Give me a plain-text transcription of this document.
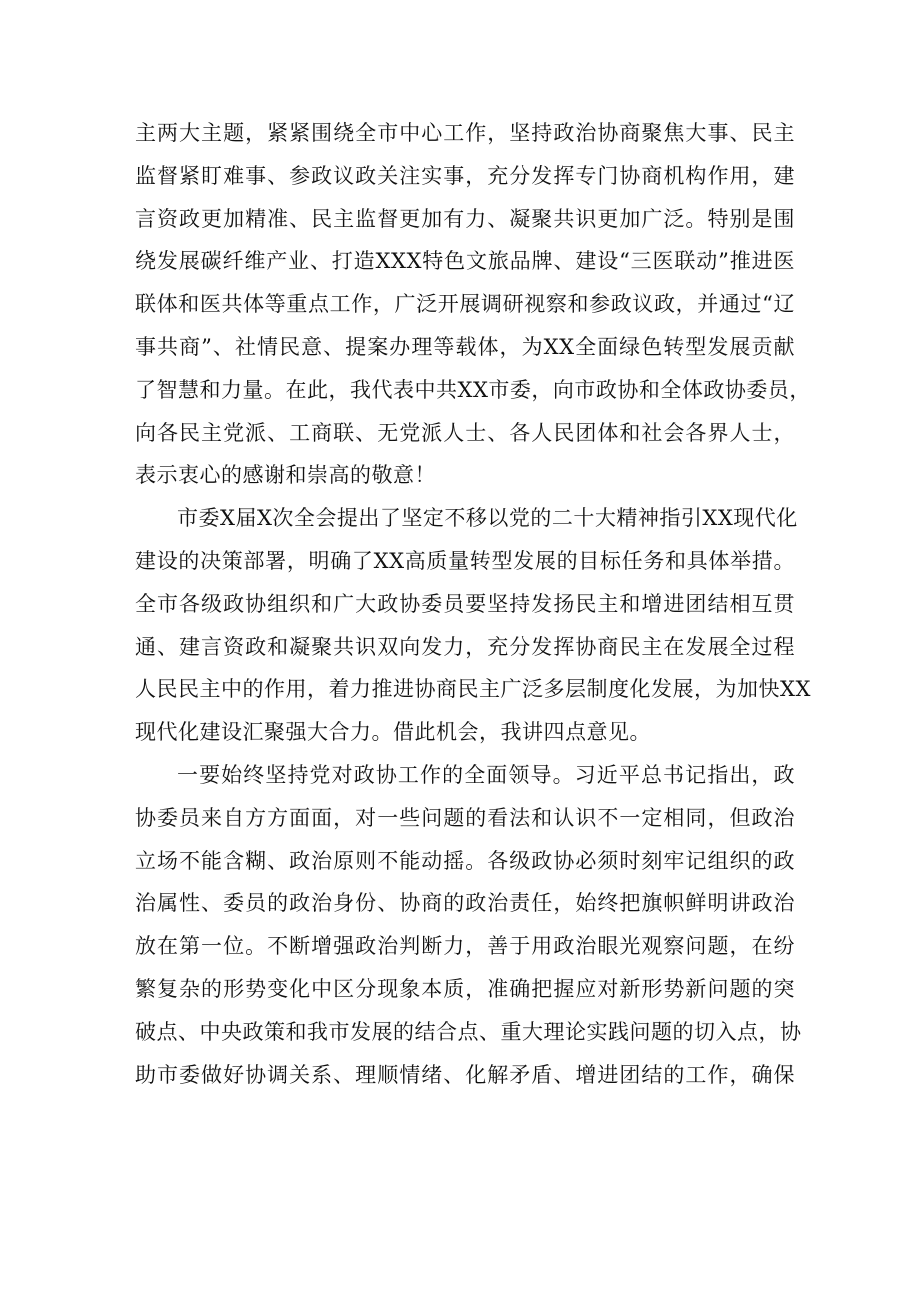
主两大主题，紧紧围绕全市中心工作，坚持政治协商聚焦大事、民主
监督紧盯难事、参政议政关注实事，充分发挥专门协商机构作用，建
言资政更加精准、民主监督更加有力、凝聚共识更加广泛。特别是围
绕发展碳纤维产业、打造XXX特色文旅品牌、建设“三医联动”推进医
联体和医共体等重点工作，广泛开展调研视察和参政议政，并通过“辽
事共商”、社情民意、提案办理等载体，为XX全面绿色转型发展贡献
了智慧和力量。在此，我代表中共XX市委，向市政协和全体政协委员，
向各民主党派、工商联、无党派人士、各人民团体和社会各界人士，
表示衷心的感谢和崇高的敬意！
市委X届X次全会提出了坚定不移以党的二十大精神指引XX现代化
建设的决策部署，明确了XX高质量转型发展的目标任务和具体举措。
全市各级政协组织和广大政协委员要坚持发扬民主和增进团结相互贯
通、建言资政和凝聚共识双向发力，充分发挥协商民主在发展全过程
人民民主中的作用，着力推进协商民主广泛多层制度化发展，为加快XX
现代化建设汇聚强大合力。借此机会，我讲四点意见。
一要始终坚持党对政协工作的全面领导。习近平总书记指出，政
协委员来自方方面面，对一些问题的看法和认识不一定相同，但政治
立场不能含糊、政治原则不能动摇。各级政协必须时刻牢记组织的政
治属性、委员的政治身份、协商的政治责任，始终把旗帜鲜明讲政治
放在第一位。不断增强政治判断力，善于用政治眼光观察问题，在纷
繁复杂的形势变化中区分现象本质，准确把握应对新形势新问题的突
破点、中央政策和我市发展的结合点、重大理论实践问题的切入点，协
助市委做好协调关系、理顺情绪、化解矛盾、增进团结的工作，确保
